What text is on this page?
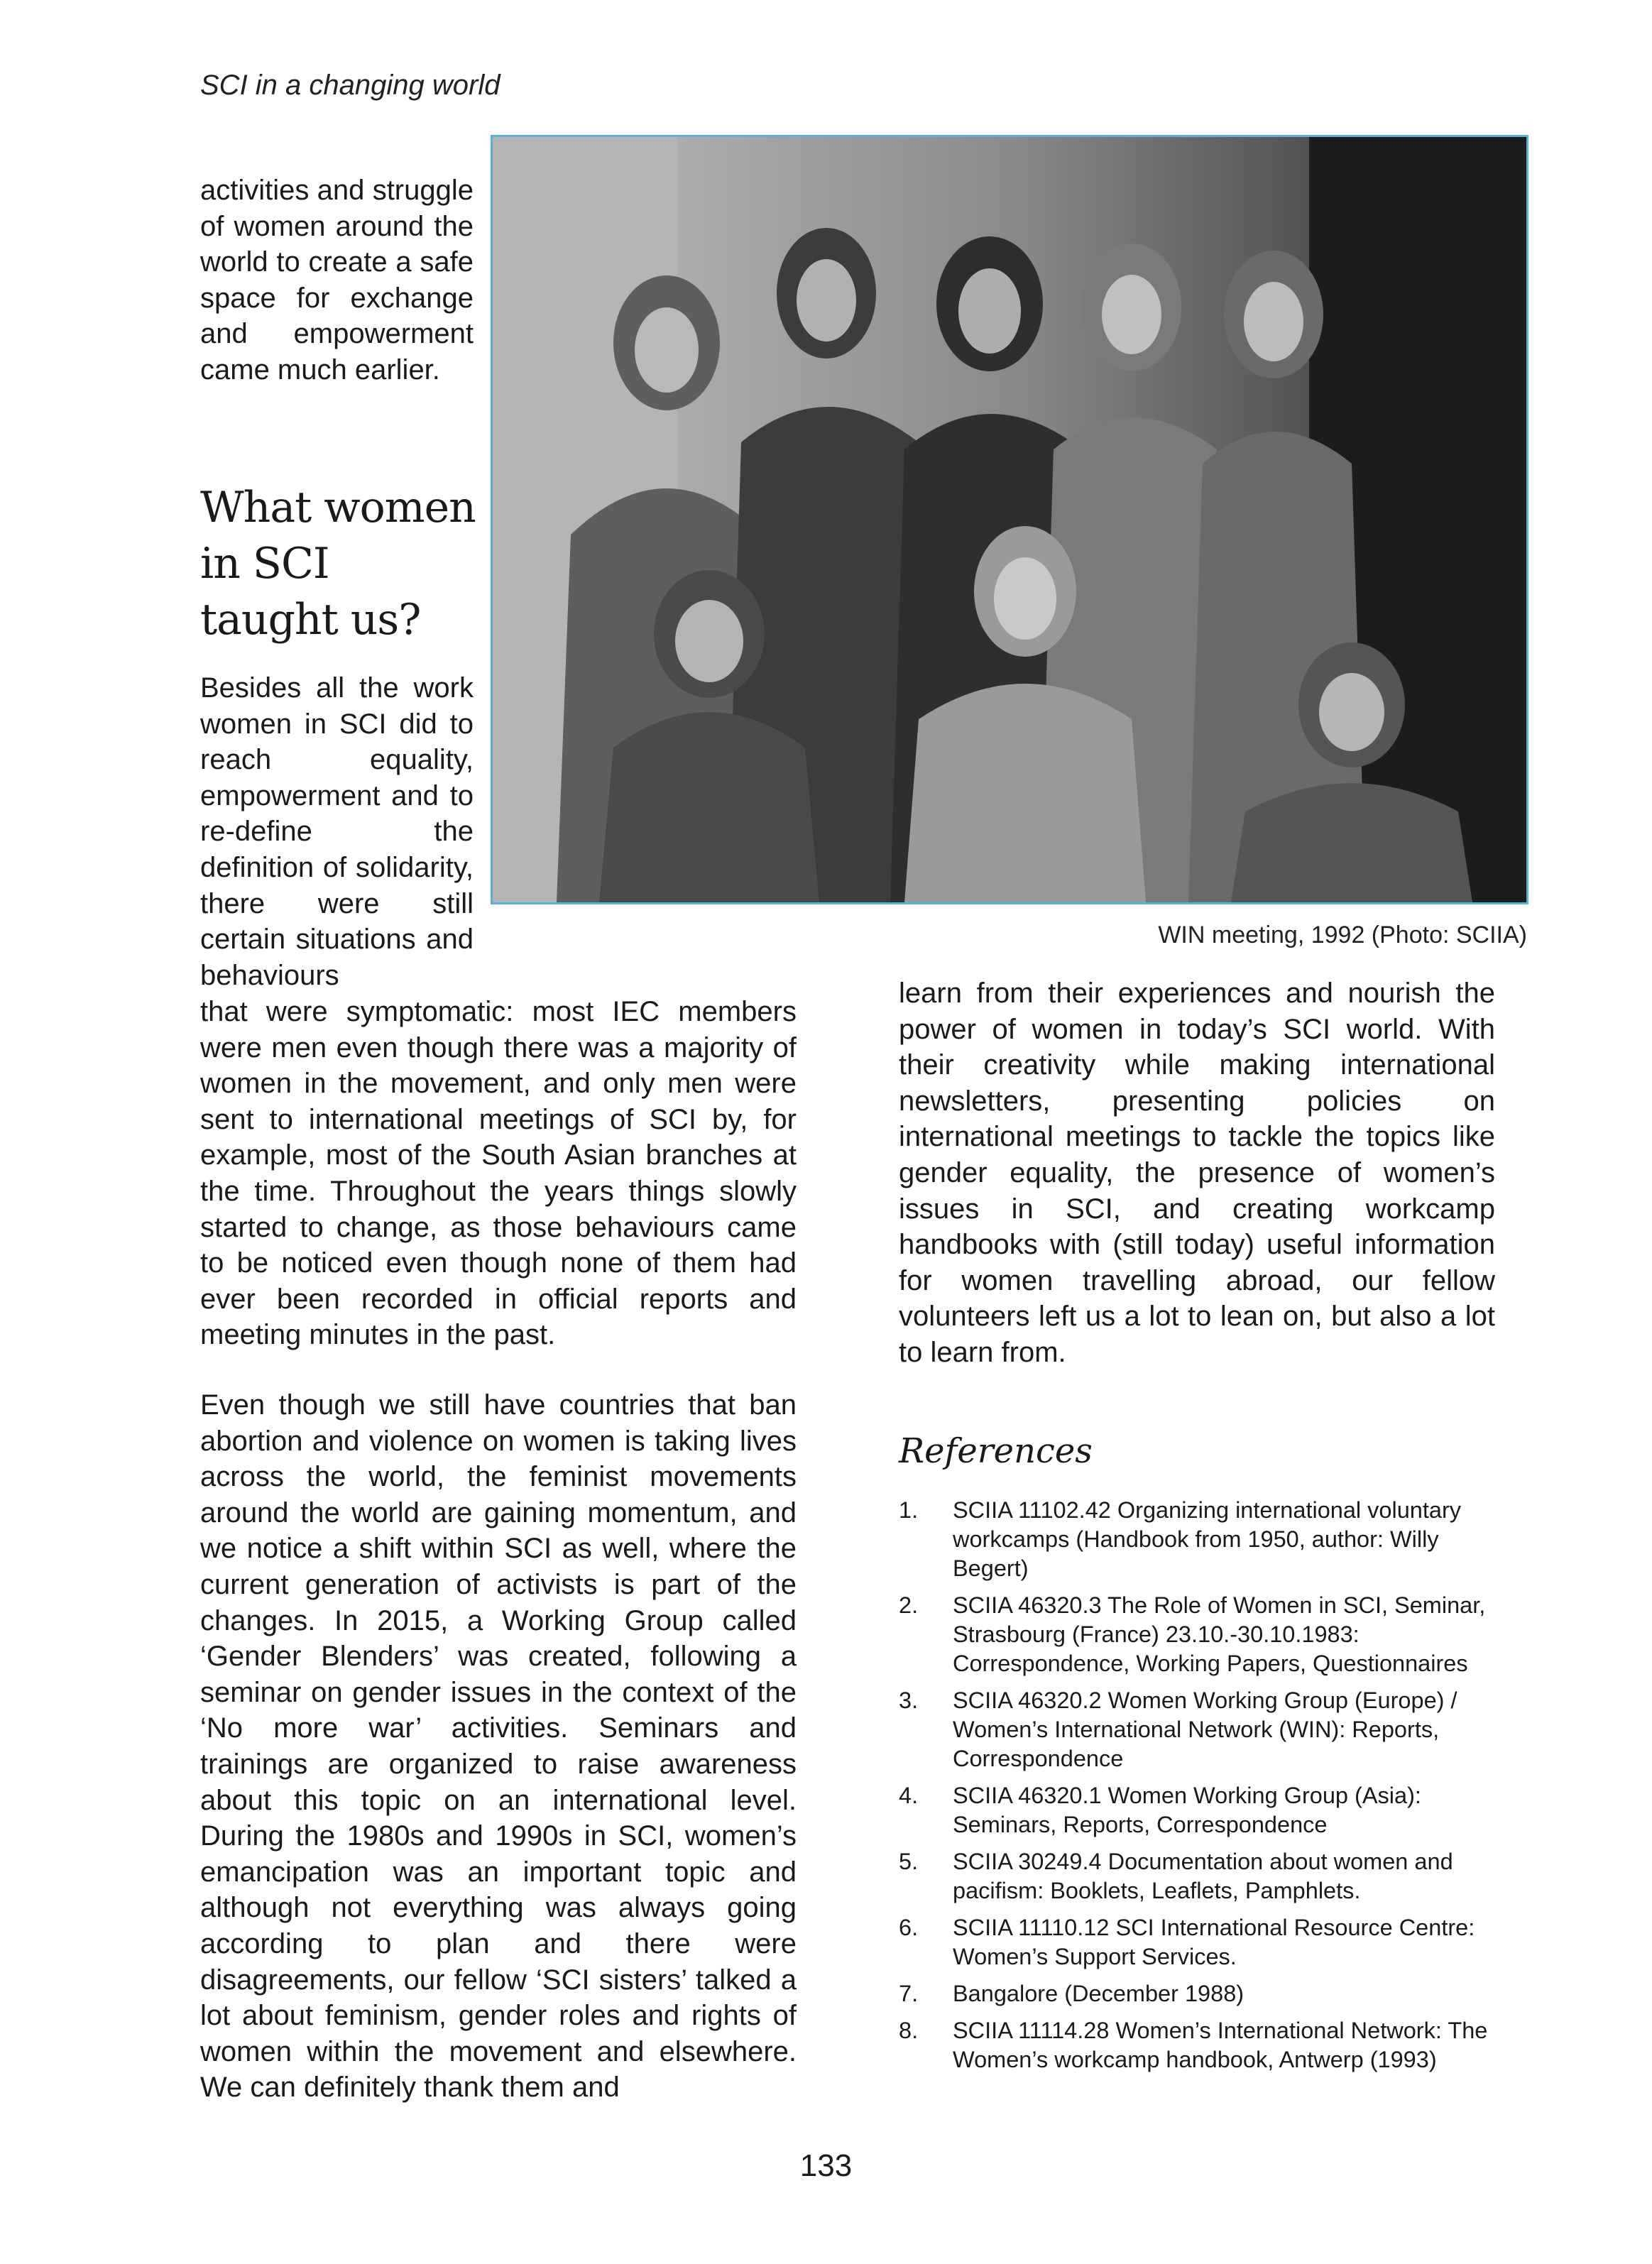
SCI in a changing world

activities and struggle of women around the world to create a safe space for exchange and empowerment came much earlier.

What women in SCI taught us?

Besides all the work women in SCI did to reach equality, empowerment and to re-define the definition of solidarity, there were still certain situations and behaviours

that were symptomatic: most IEC members were men even though there was a majority of women in the movement, and only men were sent to international meetings of SCI by, for example, most of the South Asian branches at the time. Throughout the years things slowly started to change, as those behaviours came to be noticed even though none of them had ever been recorded in official reports and meeting minutes in the past.

Even though we still have countries that ban abortion and violence on women is taking lives across the world, the feminist movements around the world are gaining momentum, and we notice a shift within SCI as well, where the current generation of activists is part of the changes. In 2015, a Working Group called ‘Gender Blenders’ was created, following a seminar on gender issues in the context of the ‘No more war’ activities. Seminars and trainings are organized to raise awareness about this topic on an international level. During the 1980s and 1990s in SCI, women’s emancipation was an important topic and although not everything was always going according to plan and there were disagreements, our fellow ‘SCI sisters’ talked a lot about feminism, gender roles and rights of women within the movement and elsewhere. We can definitely thank them and

WIN meeting, 1992 (Photo: SCIIA)

learn from their experiences and nourish the power of women in today’s SCI world. With their creativity while making international newsletters, presenting policies on international meetings to tackle the topics like gender equality, the presence of women’s issues in SCI, and creating workcamp handbooks with (still today) useful information for women travelling abroad, our fellow volunteers left us a lot to lean on, but also a lot to learn from.

References
1.	SCIIA 11102.42 Organizing international voluntary workcamps (Handbook from 1950, author: Willy Begert)
2.	SCIIA 46320.3 The Role of Women in SCI, Seminar, Strasbourg (France) 23.10.-30.10.1983: Correspondence, Working Papers, Questionnaires
3.	SCIIA 46320.2 Women Working Group (Europe) / Women’s International Network (WIN): Reports, Correspondence
4.	SCIIA 46320.1 Women Working Group (Asia): Seminars, Reports, Correspondence
5.	SCIIA 30249.4 Documentation about women and pacifism: Booklets, Leaflets, Pamphlets.
6.	SCIIA 11110.12 SCI International Resource Centre: Women’s Support Services.
7.	Bangalore (December 1988)
8.	SCIIA 11114.28 Women’s International Network: The Women’s workcamp handbook, Antwerp (1993)
133
